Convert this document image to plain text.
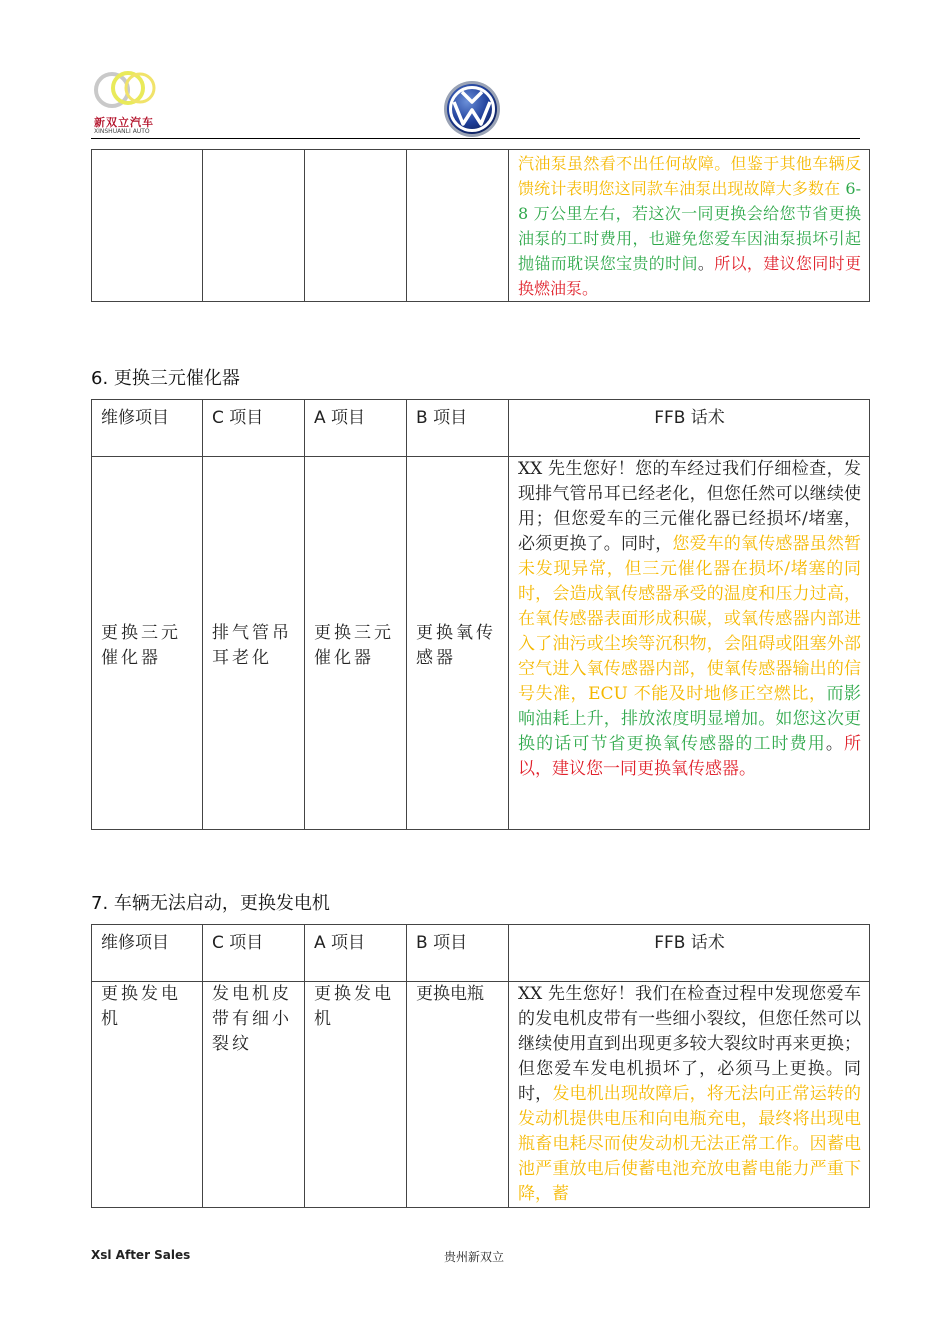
新双立汽车
XINSHUANLI AUTO
				汽油泵虽然看不出任何故障。但鉴于其他车辆反馈统计表明您这同款车油泵出现故障大多数在 6-8 万公里左右，若这次一同更换会给您节省更换油泵的工时费用，也避免您爱车因油泵损坏引起抛锚而耽误您宝贵的时间。所以，建议您同时更换燃油泵。
6. 更换三元催化器
维修项目	C 项目	A 项目	B 项目	FFB 话术
更换三元催化器	排气管吊耳老化	更换三元催化器	更换氧传感器	XX 先生您好！您的车经过我们仔细检查，发现排气管吊耳已经老化，但您任然可以继续使用；但您爱车的三元催化器已经损坏/堵塞，必须更换了。同时，您爱车的氧传感器虽然暂未发现异常，但三元催化器在损坏/堵塞的同时，会造成氧传感器承受的温度和压力过高，在氧传感器表面形成积碳，或氧传感器内部进入了油污或尘埃等沉积物，会阻碍或阻塞外部空气进入氧传感器内部，使氧传感器输出的信号失准，ECU 不能及时地修正空燃比，而影响油耗上升，排放浓度明显增加。如您这次更换的话可节省更换氧传感器的工时费用。所以，建议您一同更换氧传感器。
7. 车辆无法启动，更换发电机
维修项目	C 项目	A 项目	B 项目	FFB 话术
更换发电机	发电机皮带有细小裂纹	更换发电机	更换电瓶	XX 先生您好！我们在检查过程中发现您爱车的发电机皮带有一些细小裂纹，但您任然可以继续使用直到出现更多较大裂纹时再来更换；但您爱车发电机损坏了，必须马上更换。同时，发电机出现故障后，将无法向正常运转的发动机提供电压和向电瓶充电，最终将出现电瓶畜电耗尽而使发动机无法正常工作。因蓄电池严重放电后使蓄电池充放电蓄电能力严重下降，蓄
Xsl After Sales	贵州新双立
